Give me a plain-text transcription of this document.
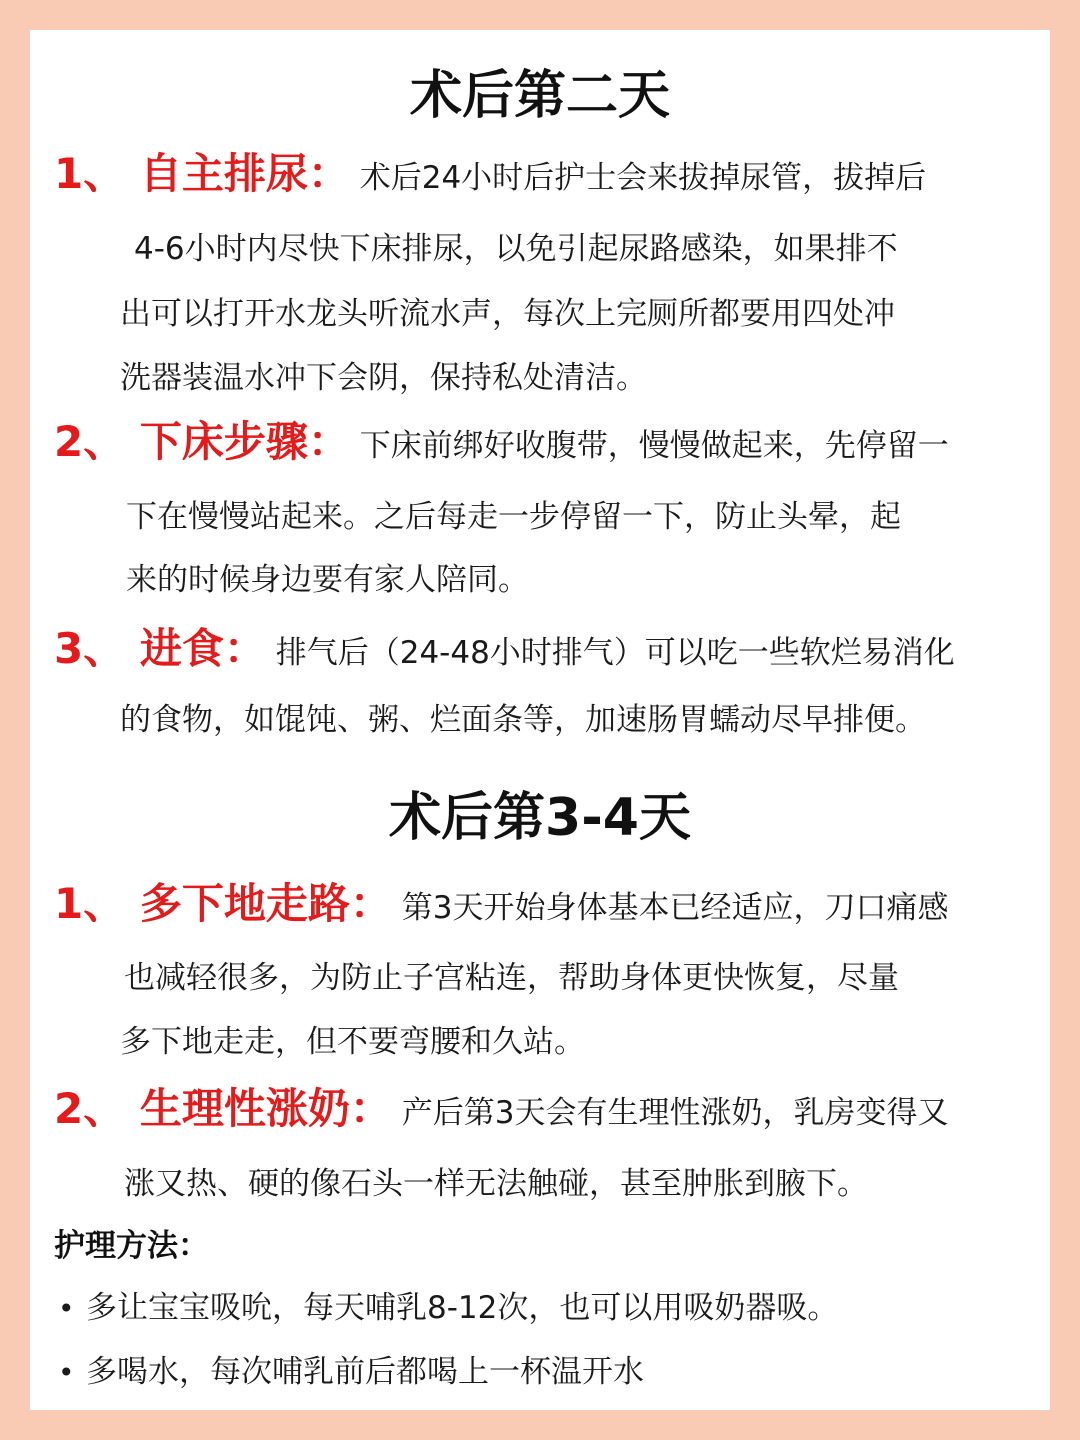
术后第二天
1、 自主排尿： 术后24小时后护士会来拔掉尿管，拔掉后
4-6小时内尽快下床排尿，以免引起尿路感染，如果排不
出可以打开水龙头听流水声，每次上完厕所都要用四处冲
洗器装温水冲下会阴，保持私处清洁。
2、 下床步骤： 下床前绑好收腹带，慢慢做起来，先停留一
下在慢慢站起来。之后每走一步停留一下，防止头晕，起
来的时候身边要有家人陪同。
3、 进食： 排气后（24-48小时排气）可以吃一些软烂易消化
的食物，如馄饨、粥、烂面条等，加速肠胃蠕动尽早排便。
术后第3-4天
1、 多下地走路： 第3天开始身体基本已经适应，刀口痛感
也减轻很多，为防止子宫粘连，帮助身体更快恢复，尽量
多下地走走，但不要弯腰和久站。
2、 生理性涨奶： 产后第3天会有生理性涨奶，乳房变得又
涨又热、硬的像石头一样无法触碰，甚至肿胀到腋下。
护理方法：
• 多让宝宝吸吮，每天哺乳8-12次，也可以用吸奶器吸。
• 多喝水，每次哺乳前后都喝上一杯温开水
